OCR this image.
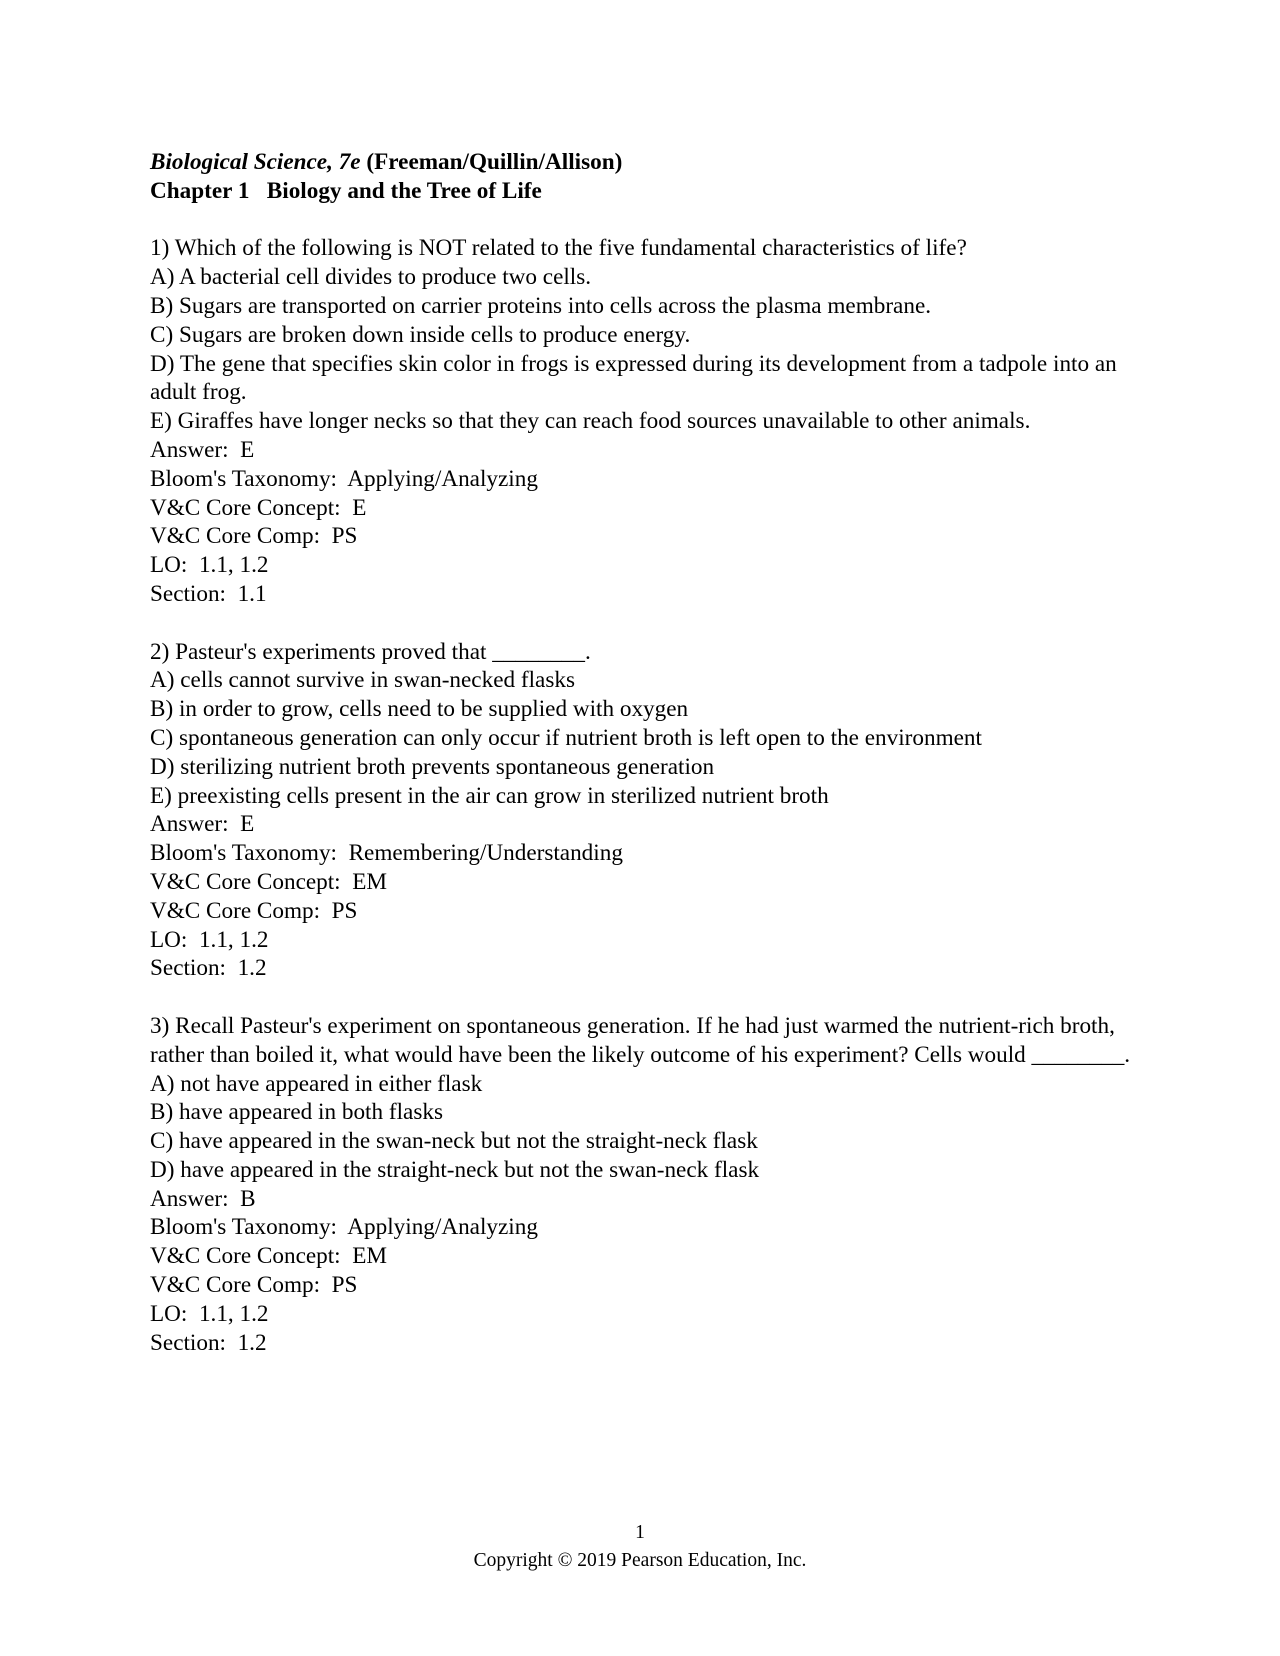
Biological Science, 7e (Freeman/Quillin/Allison)

Chapter 1   Biology and the Tree of Life

1) Which of the following is NOT related to the five fundamental characteristics of life?

A) A bacterial cell divides to produce two cells.

B) Sugars are transported on carrier proteins into cells across the plasma membrane.

C) Sugars are broken down inside cells to produce energy.

D) The gene that specifies skin color in frogs is expressed during its development from a tadpole into an adult frog.

E) Giraffes have longer necks so that they can reach food sources unavailable to other animals.

Answer:  E

Bloom's Taxonomy:  Applying/Analyzing

V&C Core Concept:  E

V&C Core Comp:  PS

LO:  1.1, 1.2

Section:  1.1

2) Pasteur's experiments proved that ________.

A) cells cannot survive in swan-necked flasks

B) in order to grow, cells need to be supplied with oxygen

C) spontaneous generation can only occur if nutrient broth is left open to the environment

D) sterilizing nutrient broth prevents spontaneous generation

E) preexisting cells present in the air can grow in sterilized nutrient broth

Answer:  E

Bloom's Taxonomy:  Remembering/Understanding

V&C Core Concept:  EM

V&C Core Comp:  PS

LO:  1.1, 1.2

Section:  1.2

3) Recall Pasteur's experiment on spontaneous generation. If he had just warmed the nutrient-rich broth, rather than boiled it, what would have been the likely outcome of his experiment? Cells would ________.

A) not have appeared in either flask

B) have appeared in both flasks

C) have appeared in the swan-neck but not the straight-neck flask

D) have appeared in the straight-neck but not the swan-neck flask

Answer:  B

Bloom's Taxonomy:  Applying/Analyzing

V&C Core Concept:  EM

V&C Core Comp:  PS

LO:  1.1, 1.2

Section:  1.2

1
Copyright © 2019 Pearson Education, Inc.
